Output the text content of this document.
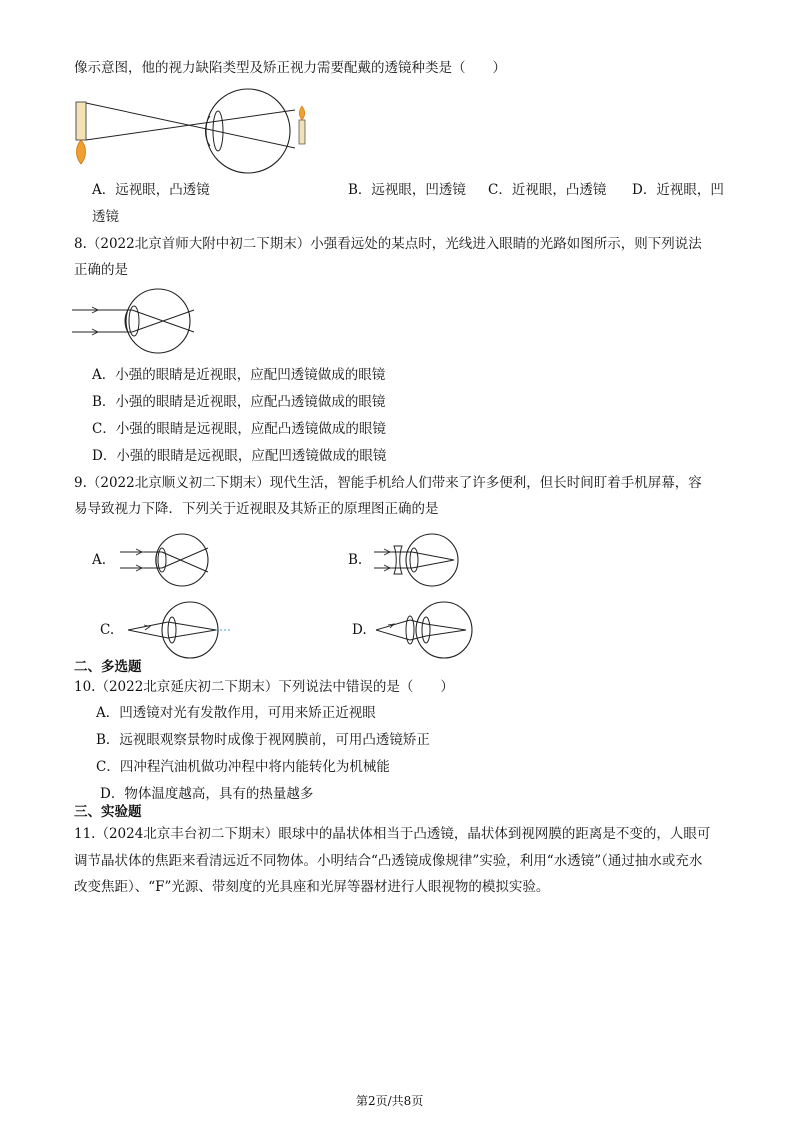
像示意图，他的视力缺陷类型及矫正视力需要配戴的透镜种类是（　　）
A．远视眼，凸透镜	B．远视眼，凹透镜 C．近视眼，凸透镜 D．近视眼，凹
透镜
8.（2022北京首师大附中初二下期末）小强看远处的某点时，光线进入眼睛的光路如图所示，则下列说法
正确的是
A．小强的眼睛是近视眼，应配凹透镜做成的眼镜
B．小强的眼睛是近视眼，应配凸透镜做成的眼镜
C．小强的眼睛是远视眼，应配凸透镜做成的眼镜
D．小强的眼睛是远视眼，应配凹透镜做成的眼镜
9.（2022北京顺义初二下期末）现代生活，智能手机给人们带来了许多便利，但长时间盯着手机屏幕，容
易导致视力下降．下列关于近视眼及其矫正的原理图正确的是
A.	B.
C.	D.
二、多选题
10.（2022北京延庆初二下期末）下列说法中错误的是（　　）
A．凹透镜对光有发散作用，可用来矫正近视眼
B．远视眼观察景物时成像于视网膜前，可用凸透镜矫正
C．四冲程汽油机做功冲程中将内能转化为机械能
D．物体温度越高，具有的热量越多
三、实验题
11.（2024北京丰台初二下期末）眼球中的晶状体相当于凸透镜，晶状体到视网膜的距离是不变的，人眼可
调节晶状体的焦距来看清远近不同物体。小明结合“凸透镜成像规律”实验，利用“水透镜”（通过抽水或充水
改变焦距）、“F”光源、带刻度的光具座和光屏等器材进行人眼视物的模拟实验。
第2页/共8页
